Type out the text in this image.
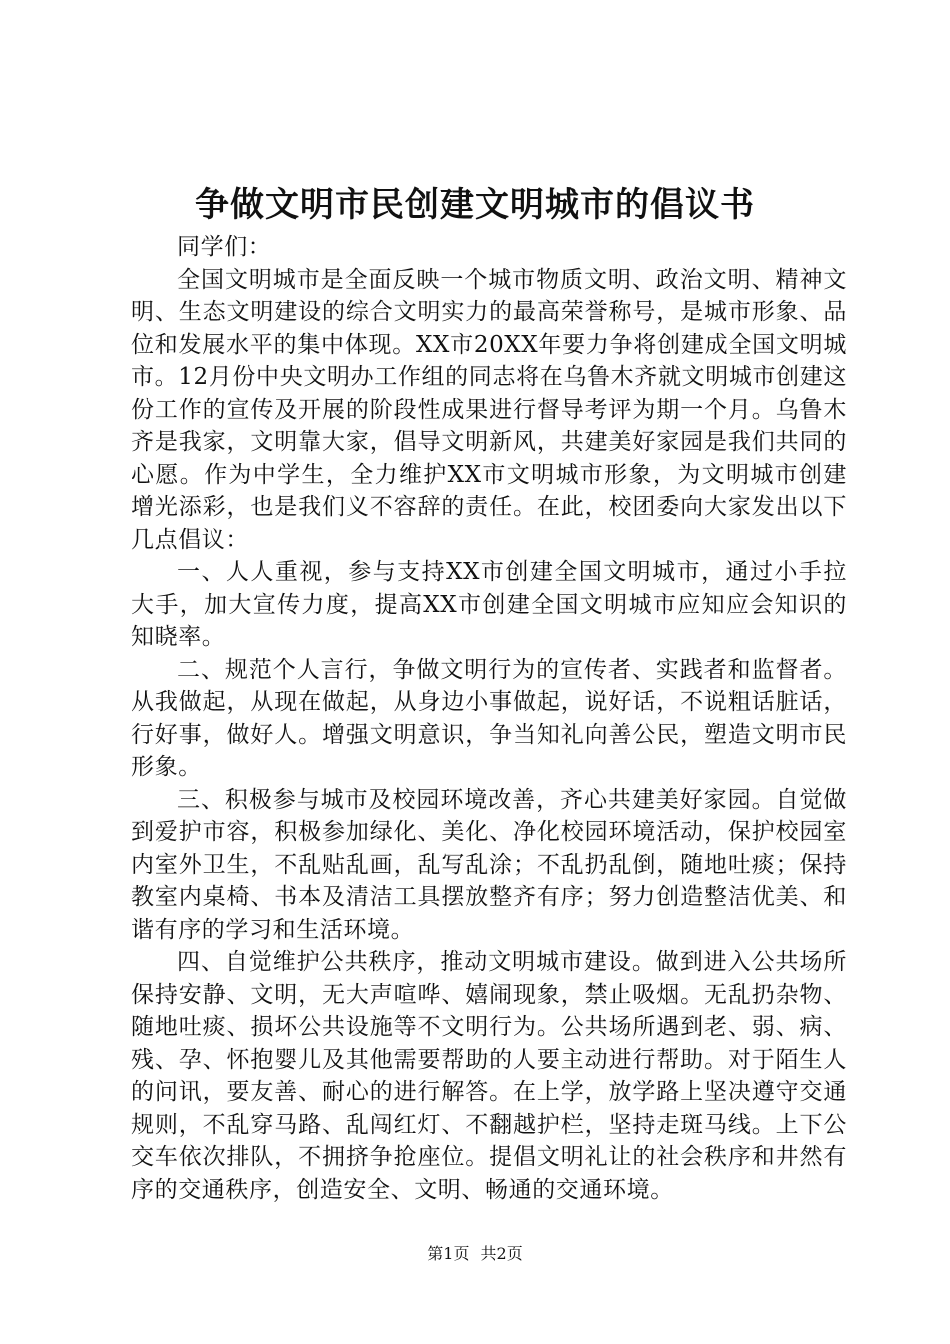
争做文明市民创建文明城市的倡议书

同学们：

全国文明城市是全面反映一个城市物质文明、政治文明、精神文明、生态文明建设的综合文明实力的最高荣誉称号，是城市形象、品位和发展水平的集中体现。XX市20XX年要力争将创建成全国文明城市。12月份中央文明办工作组的同志将在乌鲁木齐就文明城市创建这份工作的宣传及开展的阶段性成果进行督导考评为期一个月。乌鲁木齐是我家，文明靠大家，倡导文明新风，共建美好家园是我们共同的心愿。作为中学生，全力维护XX市文明城市形象，为文明城市创建增光添彩，也是我们义不容辞的责任。在此，校团委向大家发出以下几点倡议：

一、人人重视，参与支持XX市创建全国文明城市，通过小手拉大手，加大宣传力度，提高XX市创建全国文明城市应知应会知识的知晓率。

二、规范个人言行，争做文明行为的宣传者、实践者和监督者。从我做起，从现在做起，从身边小事做起，说好话，不说粗话脏话，行好事，做好人。增强文明意识，争当知礼向善公民，塑造文明市民形象。

三、积极参与城市及校园环境改善，齐心共建美好家园。自觉做到爱护市容，积极参加绿化、美化、净化校园环境活动，保护校园室内室外卫生，不乱贴乱画，乱写乱涂；不乱扔乱倒，随地吐痰；保持教室内桌椅、书本及清洁工具摆放整齐有序；努力创造整洁优美、和谐有序的学习和生活环境。

四、自觉维护公共秩序，推动文明城市建设。做到进入公共场所保持安静、文明，无大声喧哗、嬉闹现象，禁止吸烟。无乱扔杂物、随地吐痰、损坏公共设施等不文明行为。公共场所遇到老、弱、病、残、孕、怀抱婴儿及其他需要帮助的人要主动进行帮助。对于陌生人的问讯，要友善、耐心的进行解答。在上学，放学路上坚决遵守交通规则，不乱穿马路、乱闯红灯、不翻越护栏，坚持走斑马线。上下公交车依次排队，不拥挤争抢座位。提倡文明礼让的社会秩序和井然有序的交通秩序，创造安全、文明、畅通的交通环境。

第1页 共2页
